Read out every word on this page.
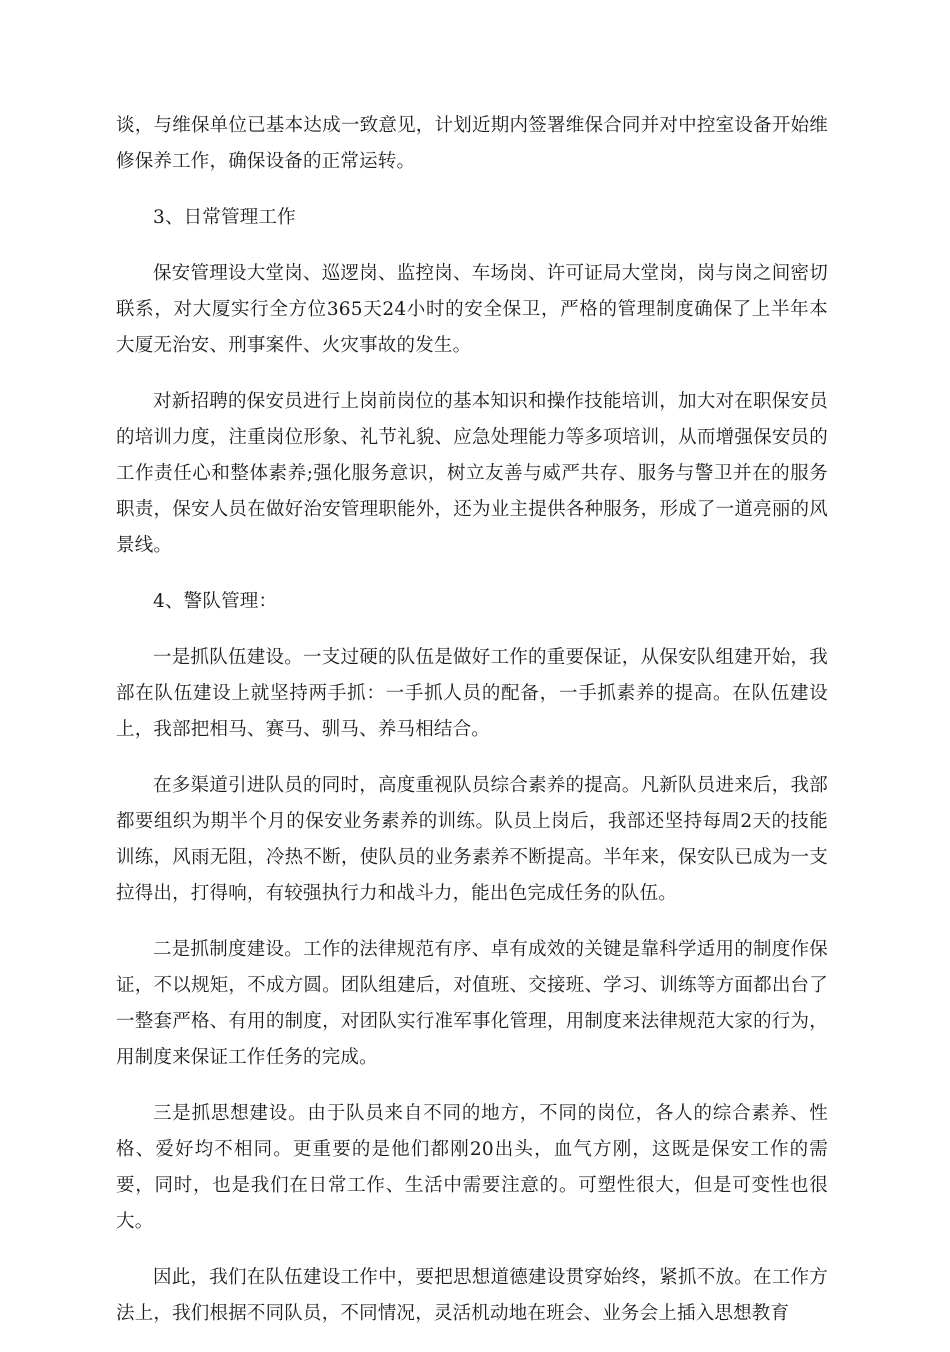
谈，与维保单位已基本达成一致意见，计划近期内签署维保合同并对中控室设备开始维修保养工作，确保设备的正常运转。

3、日常管理工作

保安管理设大堂岗、巡逻岗、监控岗、车场岗、许可证局大堂岗，岗与岗之间密切联系，对大厦实行全方位365天24小时的安全保卫，严格的管理制度确保了上半年本大厦无治安、刑事案件、火灾事故的发生。

对新招聘的保安员进行上岗前岗位的基本知识和操作技能培训，加大对在职保安员的培训力度，注重岗位形象、礼节礼貌、应急处理能力等多项培训，从而增强保安员的工作责任心和整体素养;强化服务意识，树立友善与威严共存、服务与警卫并在的服务职责，保安人员在做好治安管理职能外，还为业主提供各种服务，形成了一道亮丽的风景线。

4、警队管理：

一是抓队伍建设。一支过硬的队伍是做好工作的重要保证，从保安队组建开始，我部在队伍建设上就坚持两手抓：一手抓人员的配备，一手抓素养的提高。在队伍建设上，我部把相马、赛马、驯马、养马相结合。

在多渠道引进队员的同时，高度重视队员综合素养的提高。凡新队员进来后，我部都要组织为期半个月的保安业务素养的训练。队员上岗后，我部还坚持每周2天的技能训练，风雨无阻，冷热不断，使队员的业务素养不断提高。半年来，保安队已成为一支拉得出，打得响，有较强执行力和战斗力，能出色完成任务的队伍。

二是抓制度建设。工作的法律规范有序、卓有成效的关键是靠科学适用的制度作保证，不以规矩，不成方圆。团队组建后，对值班、交接班、学习、训练等方面都出台了一整套严格、有用的制度，对团队实行准军事化管理，用制度来法律规范大家的行为，用制度来保证工作任务的完成。

三是抓思想建设。由于队员来自不同的地方，不同的岗位，各人的综合素养、性格、爱好均不相同。更重要的是他们都刚20出头，血气方刚，这既是保安工作的需要，同时，也是我们在日常工作、生活中需要注意的。可塑性很大，但是可变性也很大。

因此，我们在队伍建设工作中，要把思想道德建设贯穿始终，紧抓不放。在工作方法上，我们根据不同队员，不同情况，灵活机动地在班会、业务会上插入思想教育
